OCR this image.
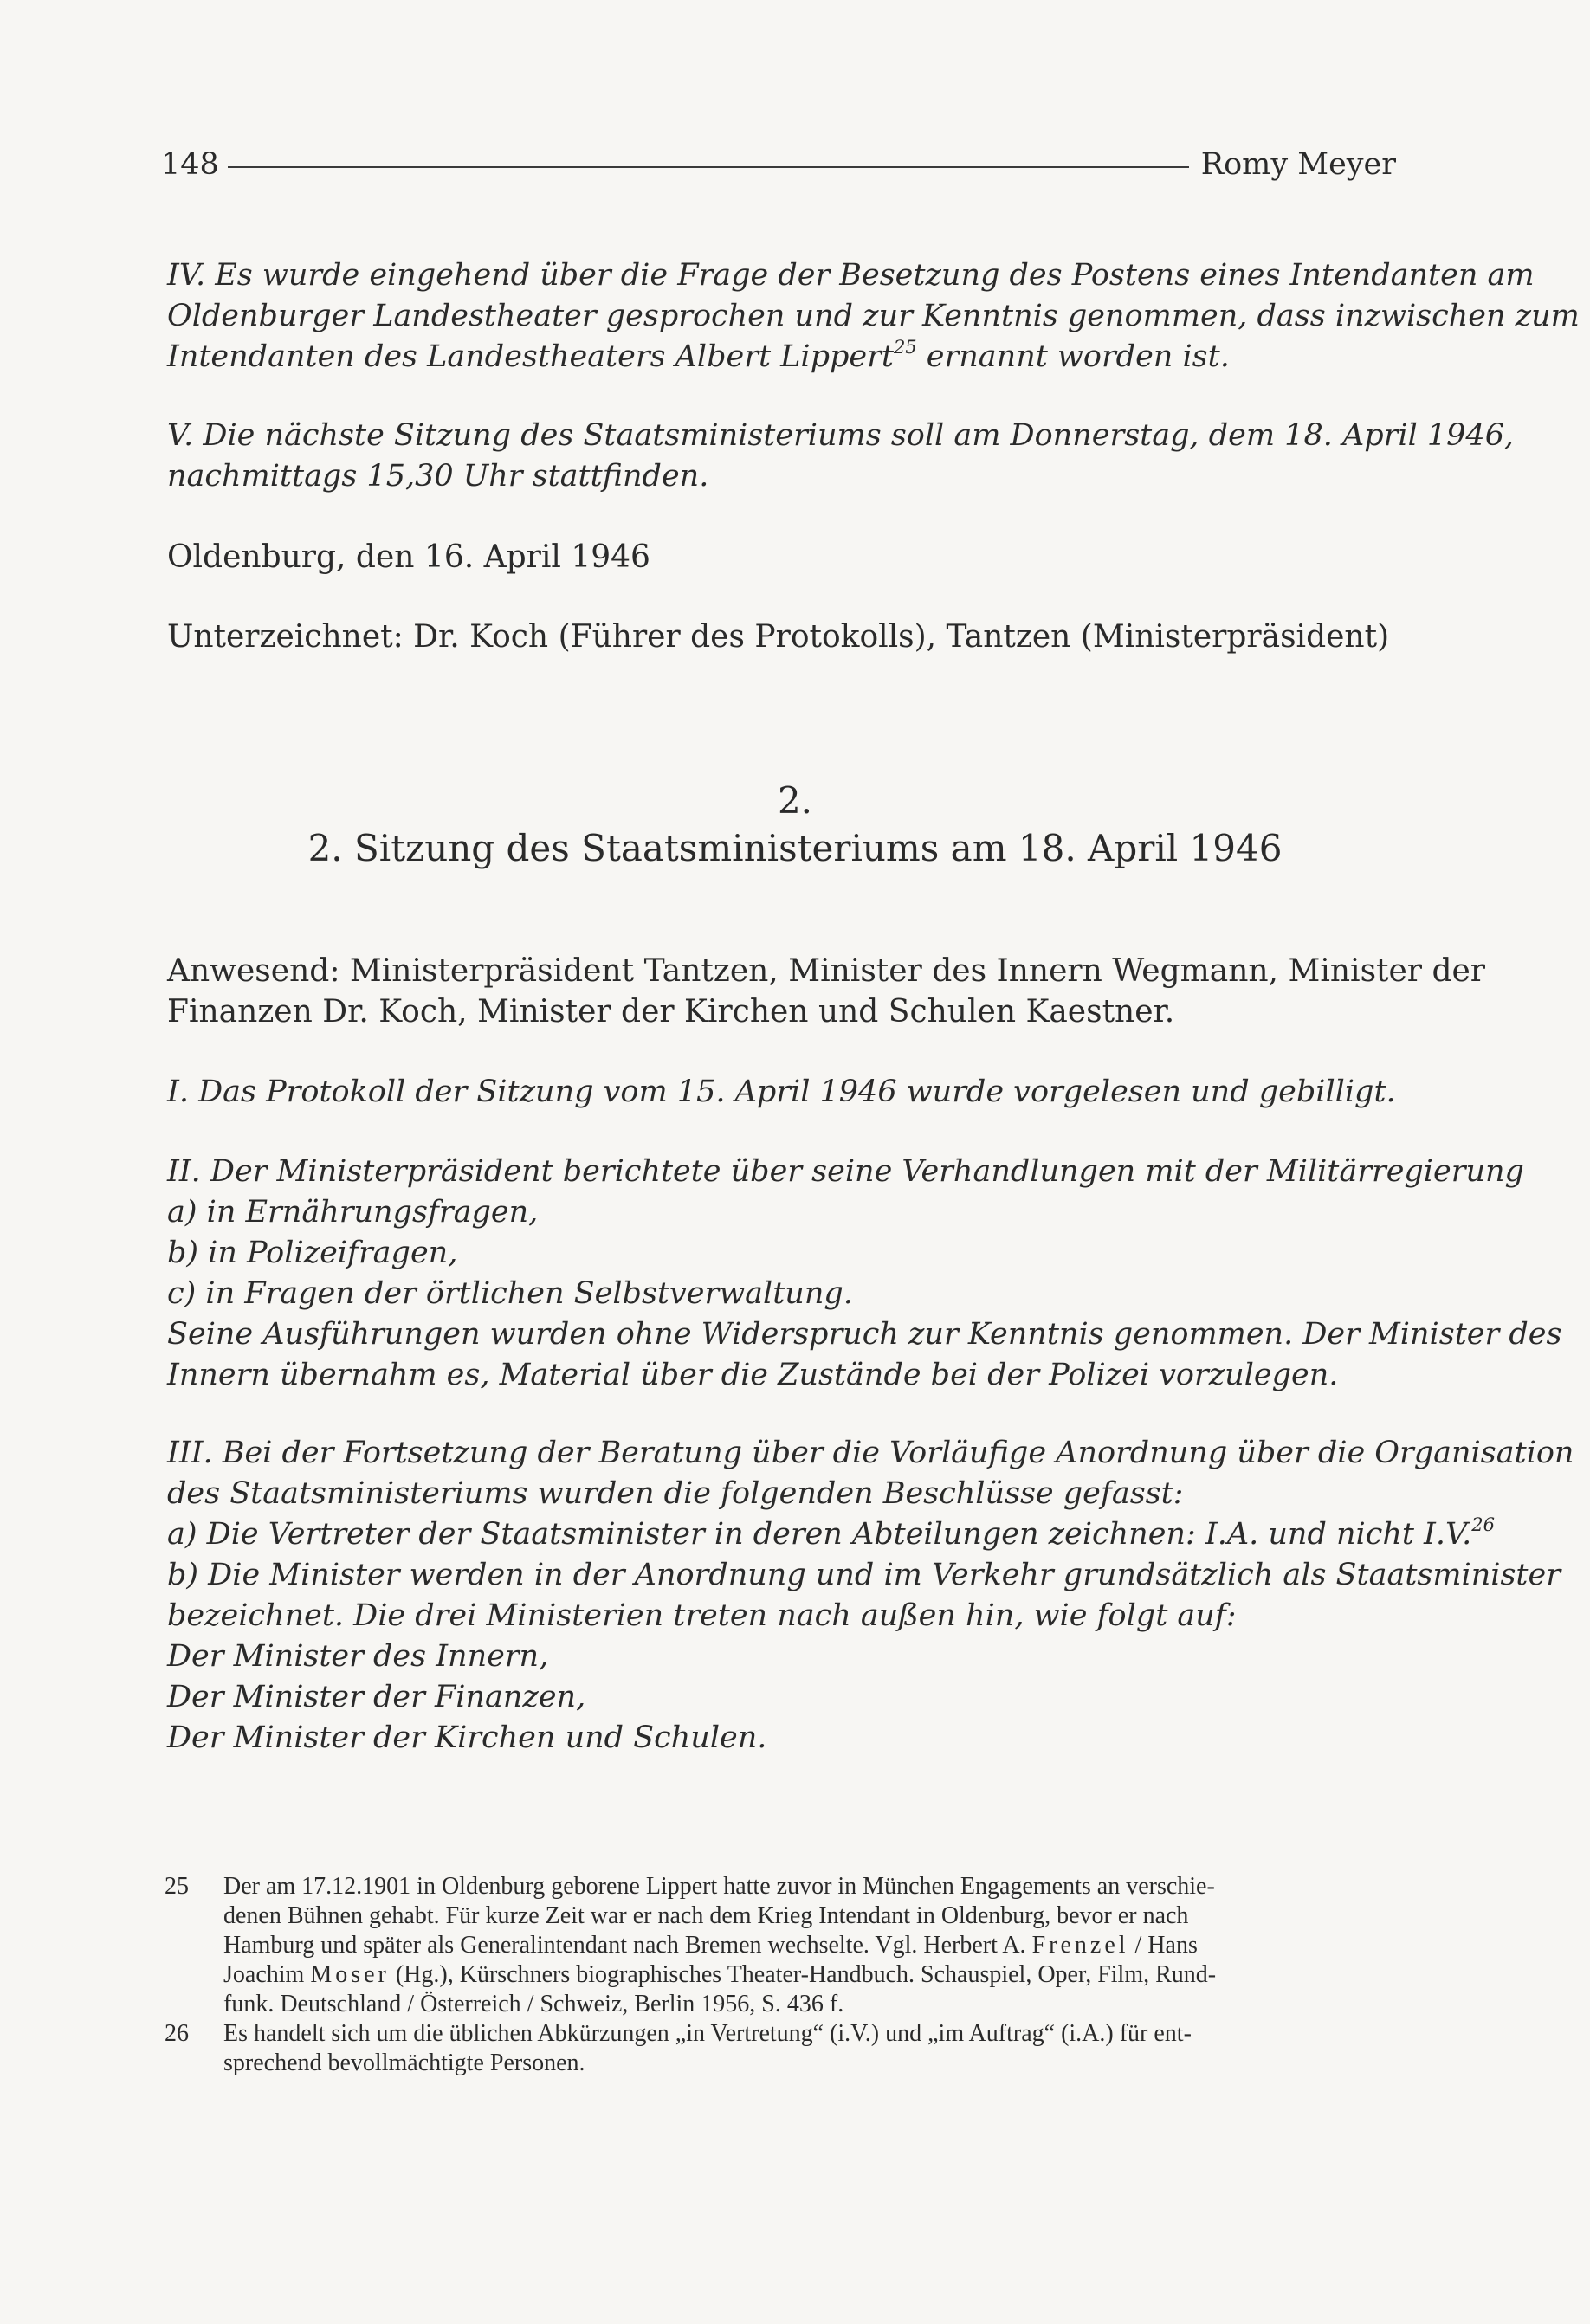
148	Romy Meyer
IV. Es wurde eingehend über die Frage der Besetzung des Postens eines Intendanten am
Oldenburger Landestheater gesprochen und zur Kenntnis genommen, dass inzwischen zum
Intendanten des Landestheaters Albert Lippert$^{25}$ ernannt worden ist.
V. Die nächste Sitzung des Staatsministeriums soll am Donnerstag, dem 18. April 1946,
nachmittags 15,30 Uhr stattfinden.
Oldenburg, den 16. April 1946
Unterzeichnet: Dr. Koch (Führer des Protokolls), Tantzen (Ministerpräsident)
2.
2. Sitzung des Staatsministeriums am 18. April 1946
Anwesend: Ministerpräsident Tantzen, Minister des Innern Wegmann, Minister der
Finanzen Dr. Koch, Minister der Kirchen und Schulen Kaestner.
I. Das Protokoll der Sitzung vom 15. April 1946 wurde vorgelesen und gebilligt.
II. Der Ministerpräsident berichtete über seine Verhandlungen mit der Militärregierung
a) in Ernährungsfragen,
b) in Polizeifragen,
c) in Fragen der örtlichen Selbstverwaltung.
Seine Ausführungen wurden ohne Widerspruch zur Kenntnis genommen. Der Minister des
Innern übernahm es, Material über die Zustände bei der Polizei vorzulegen.
III. Bei der Fortsetzung der Beratung über die Vorläufige Anordnung über die Organisation
des Staatsministeriums wurden die folgenden Beschlüsse gefasst:
a) Die Vertreter der Staatsminister in deren Abteilungen zeichnen: I.A. und nicht I.V.$^{26}$
b) Die Minister werden in der Anordnung und im Verkehr grundsätzlich als Staatsminister
bezeichnet. Die drei Ministerien treten nach außen hin, wie folgt auf:
Der Minister des Innern,
Der Minister der Finanzen,
Der Minister der Kirchen und Schulen.
25 Der am 17.12.1901 in Oldenburg geborene Lippert hatte zuvor in München Engagements an verschie-
denen Bühnen gehabt. Für kurze Zeit war er nach dem Krieg Intendant in Oldenburg, bevor er nach
Hamburg und später als Generalintendant nach Bremen wechselte. Vgl. Herbert A. Frenzel / Hans
Joachim Moser (Hg.), Kürschners biographisches Theater-Handbuch. Schauspiel, Oper, Film, Rund-
funk. Deutschland / Österreich / Schweiz, Berlin 1956, S. 436 f.
26 Es handelt sich um die üblichen Abkürzungen „in Vertretung“ (i.V.) und „im Auftrag“ (i.A.) für ent-
sprechend bevollmächtigte Personen.
